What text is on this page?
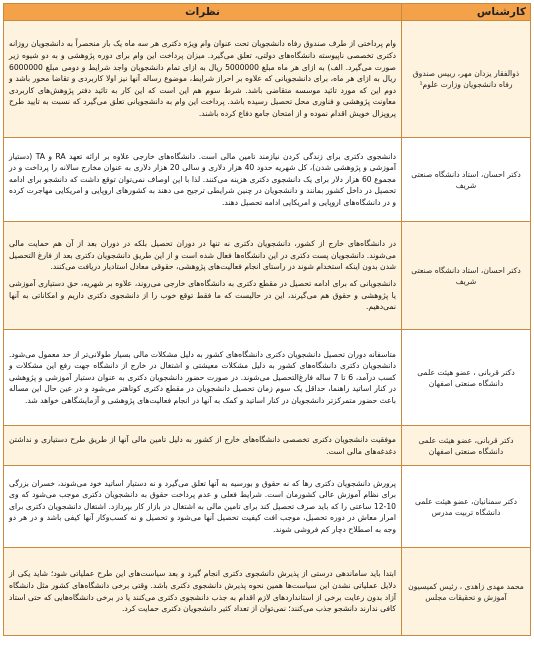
کارشناس	نظرات
ذوالفقار یزدان مهر، رییس صندوق رفاه دانشجویان وزارت علوم¹	وام پرداختی از طرف صندوق رفاه دانشجویان تحت عنوان وام ویژه دکتری هر سه ماه یک بار منحصراً به دانشجویان روزانه دکتری تخصصی ناپیوسته دانشگاه‌های دولتی، تعلق می‌گیرد. میزان پرداخت این وام برای دوره پژوهشی و به دو شیوه زیر صورت می‌گیرد. الف) به ازای هر ماه مبلغ 5000000 ریال به ازای تمام دانشجویان واجد شرایط و دومی مبلغ 6000000 ریال به ازای هر ماه، برای دانشجویانی که علاوه بر احراز شرایط، موضوع رساله آنها نیز اولا کاربردی و تقاضا محور باشد و دوم این که مورد تائید موسسه متقاضی باشد. شرط سوم هم این است که این کار به تائید دفتر پژوهش‌های کاربردی معاونت پژوهشی و فناوری محل تحصیل رسیده باشد. پرداخت این وام به دانشجویانی تعلق می‌گیرد که نسبت به تایید طرح پروپزال خویش اقدام نموده و از امتحان جامع دفاع کرده باشند.

دکتر احسان، استاد دانشگاه صنعتی شریف	دانشجوی دکتری برای زندگی کردن نیازمند تامین مالی است. دانشگاه‌های خارجی علاوه بر ارائه تعهد RA و TA (دستیار آموزشی و پژوهشی شدن)، کل شهریه حدود 40 هزار دلاری و سالی 20 هزار دلاری به عنوان مخارج ساﻻنه را پرداخت و در مجموع 60 هزار دلار برای یک دانشجوی دکتری هزینه می‌کنند. لذا با این اوصاف نمی‌توان توقع داشت که دانشجو برای ادامه تحصیل در داخل کشور بمانند و دانشجویان در چنین شرایطی ترجیح می دهند به کشورهای اروپایی و امریکایی مهاجرت کرده و در دانشگاه‌های اروپایی و امریکایی ادامه تحصیل دهند.

دکتر احسان، استاد دانشگاه صنعتی شریف	در دانشگاه‌های خارج از کشور، دانشجویان دکتری نه تنها در دوران تحصیل بلکه در دوران بعد از آن هم حمایت مالی می‌شوند. دانشجویان پست دکتری در این دانشگاه‌ها فعال شده است و از این طریق دانشجویان دکتری بعد از فارغ التحصیل شدن بدون اینکه استخدام شوند در راستای انجام فعالیت‌های پژوهشی، حقوقی معادل استادیار دریافت می‌کنند.

دانشجویانی که برای ادامه تحصیل در مقطع دکتری به دانشگاه‌های خارجی می‌روند، علاوه بر شهریه، حق دستیاری آموزشی یا پژوهشی و حقوق هم می‌گیرند، این در حالیست که ما فقط توقع خوب را از دانشجوی دکتری داریم و امکاناتی به آنها نمی‌دهیم.

دکتر قربانی ، عضو هیئت علمی دانشگاه صنعتی اصفهان	متاسفانه دوران تحصیل دانشجویان دکتری دانشگاه‌های کشور به دلیل مشکلات مالی بسیار طولانی‌تر از حد معمول می‌شود. دانشجویان دکتری دانشگاه‌های کشور به دلیل مشکلات معیشتی و اشتغال در خارج از دانشگاه جهت رفع این مشکلات و کسب درآمد، 6 تا 7 ساله فارغ‌التحصیل می‌شوند. در صورت حضور دانشجویان دکتری به عنوان دستیار آموزشی و پژوهشی در کنار اساتید راهنما، حداقل یک سوم زمان تحصیل دانشجویان در مقطع دکتری کوتاهتر می‌شود و در عین حال این مساله باعث حضور متمرکزتر دانشجویان در کنار اساتید و کمک به آنها در انجام فعالیت‌های پژوهشی و آزمایشگاهی خواهد شد.

دکتر قربانی، عضو هیئت علمی دانشگاه صنعتی اصفهان	موفقیت دانشجویان دکتری تخصصی دانشگاه‌های خارج از کشور به دلیل تامین مالی آنها از طریق طرح دستیاری و نداشتن دغدغه‌های مالی است.

دکتر سمنانیان، عضو هیئت علمی دانشگاه تربیت مدرس	پرورش دانشجویان دکتری رها که نه حقوق و بورسیه به آنها تعلق می‌گیرد و نه دستیار اساتید خود می‌شوند، خسران بزرگی برای نظام آموزش عالی کشورمان است. شرایط فعلی و عدم پرداخت حقوق به دانشجویان دکتری موجب می‌شود که وی 10-12 ساعتی را که باید صرف تحصیل کند برای تامین مالی به اشتغال در بازار کار بپردازد. اشتغال دانشجویان دکتری برای امرار معاش در دوره تحصیل، موجب افت کیفیت تحصیل آنها می‌شود و تحصیل و نه کسب‌وکار آنها کیفی باشد و در هر دو وجه به اصطلاح دچار کم فروشی شوند.

محمد مهدی زاهدی ، رئیس کمیسیون آموزش و تحقیقات مجلس	ابتدا باید ساماندهی درستی از پذیرش دانشجوی دکتری انجام گیرد و بعد سیاست‌های این طرح عملیاتی شود؛ شاید یکی از دلایل عملیاتی نشدن این سیاست‌ها همین نحوه پذیرش دانشجوی دکتری باشد. وقتی برخی دانشگاه‌های کشور مثل دانشگاه آزاد بدون رعایت برخی از استانداردهای لازم اقدام به جذب دانشجوی دکتری می‌کنند یا در برخی دانشگاه‌هایی که حتی استاد کافی ندارند دانشجو جذب می‌کنند؛ نمی‌توان از تعداد کثیر دانشجویان دکتری حمایت کرد.
